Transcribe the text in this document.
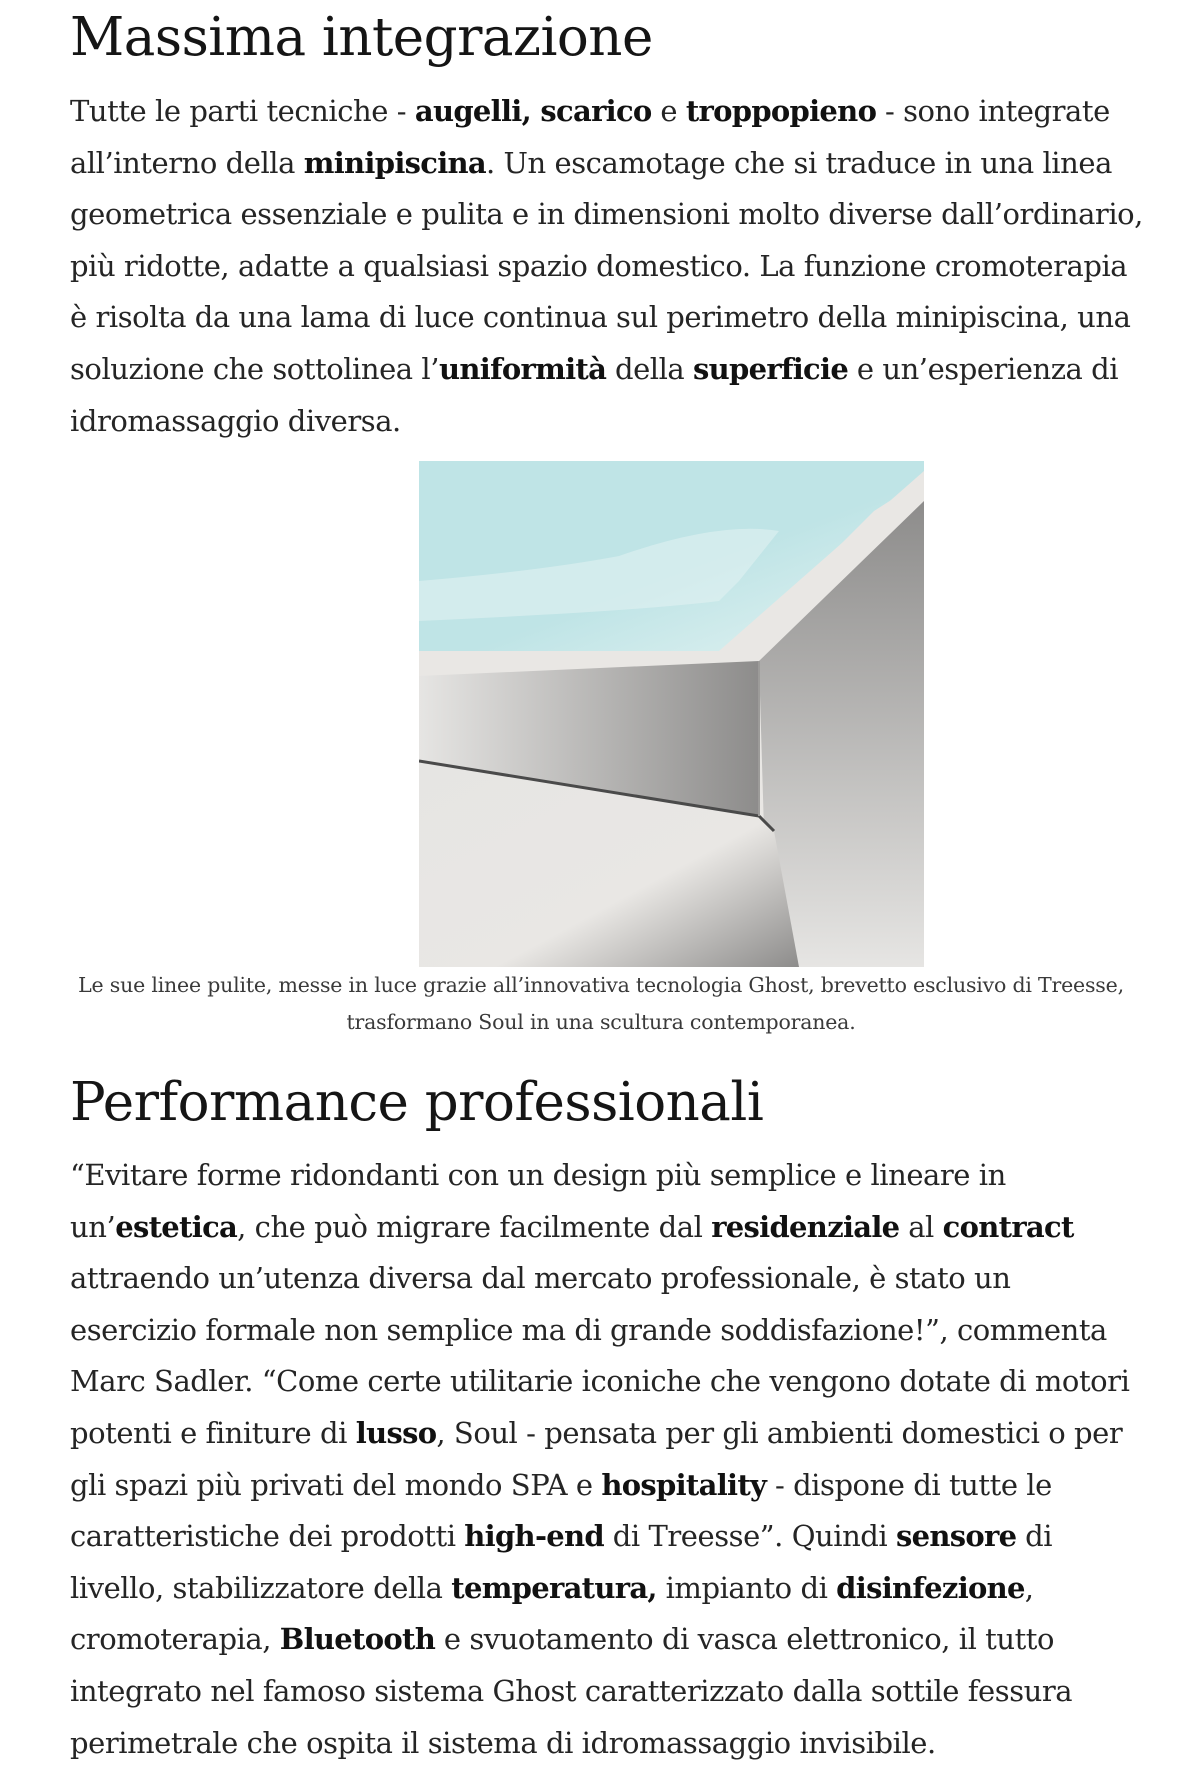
Massima integrazione

Tutte le parti tecniche - augelli, scarico e troppopieno - sono integrate all’interno della minipiscina. Un escamotage che si traduce in una linea geometrica essenziale e pulita e in dimensioni molto diverse dall’ordinario, più ridotte, adatte a qualsiasi spazio domestico. La funzione cromoterapia è risolta da una lama di luce continua sul perimetro della minipiscina, una soluzione che sottolinea l’uniformità della superficie e un’esperienza di idromassaggio diversa.

Le sue linee pulite, messe in luce grazie all’innovativa tecnologia Ghost, brevetto esclusivo di Treesse, trasformano Soul in una scultura contemporanea.

Performance professionali

“Evitare forme ridondanti con un design più semplice e lineare in un’estetica, che può migrare facilmente dal residenziale al contract attraendo un’utenza diversa dal mercato professionale, è stato un esercizio formale non semplice ma di grande soddisfazione!”, commenta Marc Sadler. “Come certe utilitarie iconiche che vengono dotate di motori potenti e finiture di lusso, Soul - pensata per gli ambienti domestici o per gli spazi più privati del mondo SPA e hospitality - dispone di tutte le caratteristiche dei prodotti high-end di Treesse”. Quindi sensore di livello, stabilizzatore della temperatura, impianto di disinfezione, cromoterapia, Bluetooth e svuotamento di vasca elettronico, il tutto integrato nel famoso sistema Ghost caratterizzato dalla sottile fessura perimetrale che ospita il sistema di idromassaggio invisibile.
